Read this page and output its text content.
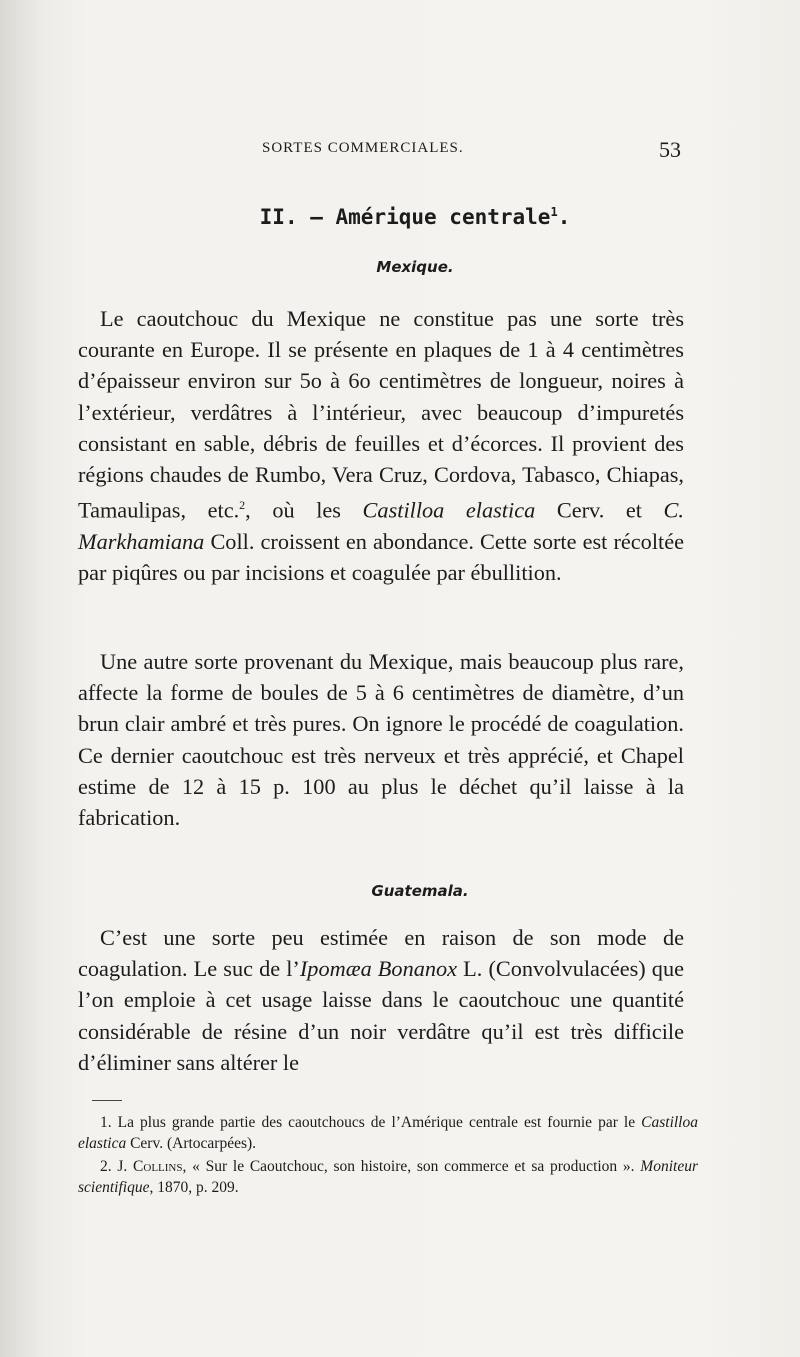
SORTES COMMERCIALES.	53
II. — Amérique centrale$^1$.
Mexique.
Le caoutchouc du Mexique ne constitue pas une sorte très courante en Europe. Il se présente en plaques de 1 à 4 centimètres d’épaisseur environ sur 5o à 6o centimètres de longueur, noires à l’extérieur, verdâtres à l’intérieur, avec beaucoup d’impuretés consistant en sable, débris de feuilles et d’écorces. Il provient des régions chaudes de Rumbo, Vera Cruz, Cordova, Tabasco, Chiapas, Tamaulipas, etc.$^2$, où les Castilloa elastica Cerv. et C. Markhamiana Coll. croissent en abondance. Cette sorte est récoltée par piqûres ou par incisions et coagulée par ébullition.
Une autre sorte provenant du Mexique, mais beaucoup plus rare, affecte la forme de boules de 5 à 6 centimètres de diamètre, d’un brun clair ambré et très pures. On ignore le procédé de coagulation. Ce dernier caoutchouc est très nerveux et très apprécié, et Chapel estime de 12 à 15 p. 100 au plus le déchet qu’il laisse à la fabrication.
Guatemala.
C’est une sorte peu estimée en raison de son mode de coagulation. Le suc de l’Ipomæa Bonanox L. (Convolvulacées) que l’on emploie à cet usage laisse dans le caoutchouc une quantité considérable de résine d’un noir verdâtre qu’il est très difficile d’éliminer sans altérer le
1. La plus grande partie des caoutchoucs de l’Amérique centrale est fournie par le Castilloa elastica Cerv. (Artocarpées).
2. J. Collins, « Sur le Caoutchouc, son histoire, son commerce et sa production ». Moniteur scientifique, 1870, p. 209.
